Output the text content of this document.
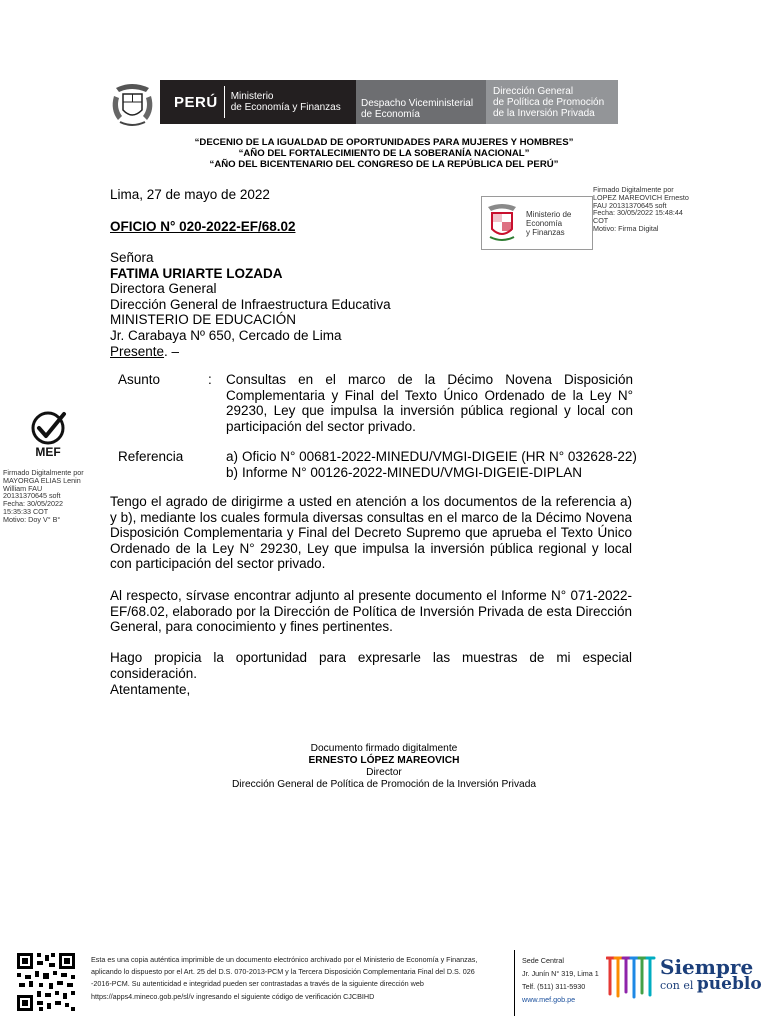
PERÚ	Ministerio
de Economía y Finanzas Despacho Viceministerial
de Economía
Dirección General
de Política de Promoción
de la Inversión Privada
“DECENIO DE LA IGUALDAD DE OPORTUNIDADES PARA MUJERES Y HOMBRES”
“AÑO DEL FORTALECIMIENTO DE LA SOBERANÍA NACIONAL”
“AÑO DEL BICENTENARIO DEL CONGRESO DE LA REPÚBLICA DEL PERÚ”
Lima, 27 de mayo de 2022
OFICIO N° 020-2022-EF/68.02
Ministerio de
Economía
y Finanzas
Firmado Digitalmente por
LOPEZ MAREOVICH Ernesto
FAU 20131370645 soft
Fecha: 30/05/2022 15:48:44
COT
Motivo: Firma Digital
Señora
FATIMA URIARTE LOZADA
Directora General
Dirección General de Infraestructura Educativa
MINISTERIO DE EDUCACIÓN
Jr. Carabaya Nº 650, Cercado de Lima
Presente. –
Asunto	: Consultas en el marco de la Décimo Novena Disposición Complementaria y Final del Texto Único Ordenado de la Ley N° 29230, Ley que impulsa la inversión pública regional y local con participación del sector privado.
Referencia	a) Oficio N° 00681-2022-MINEDU/VMGI-DIGEIE (HR N° 032628-22)
b) Informe N° 00126-2022-MINEDU/VMGI-DIGEIE-DIPLAN
MEF
Firmado Digitalmente por
MAYORGA ELIAS Lenin
William FAU
20131370645 soft
Fecha: 30/05/2022
15:35:33 COT
Motivo: Doy V° B°
Tengo el agrado de dirigirme a usted en atención a los documentos de la referencia a) y b), mediante los cuales formula diversas consultas en el marco de la Décimo Novena Disposición Complementaria y Final del Decreto Supremo que aprueba el Texto Único Ordenado de la Ley N° 29230, Ley que impulsa la inversión pública regional y local con participación del sector privado.
Al respecto, sírvase encontrar adjunto al presente documento el Informe N° 071-2022-EF/68.02, elaborado por la Dirección de Política de Inversión Privada de esta Dirección General, para conocimiento y fines pertinentes.
Hago propicia la oportunidad para expresarle las muestras de mi especial consideración.
Atentamente,
Documento firmado digitalmente
ERNESTO LÓPEZ MAREOVICH
Director
Dirección General de Política de Promoción de la Inversión Privada
Esta es una copia auténtica imprimible de un documento electrónico archivado por el Ministerio de Economía y Finanzas,
aplicando lo dispuesto por el Art. 25 del D.S. 070-2013-PCM y la Tercera Disposición Complementaria Final del D.S. 026
-2016-PCM. Su autenticidad e integridad pueden ser contrastadas a través de la siguiente dirección web
https://apps4.mineco.gob.pe/sl/v ingresando el siguiente código de verificación CJCBIHD
Sede Central
Jr. Junín N° 319, Lima 1
Telf. (511) 311-5930
www.mef.gob.pe
Siempre
con el pueblo
